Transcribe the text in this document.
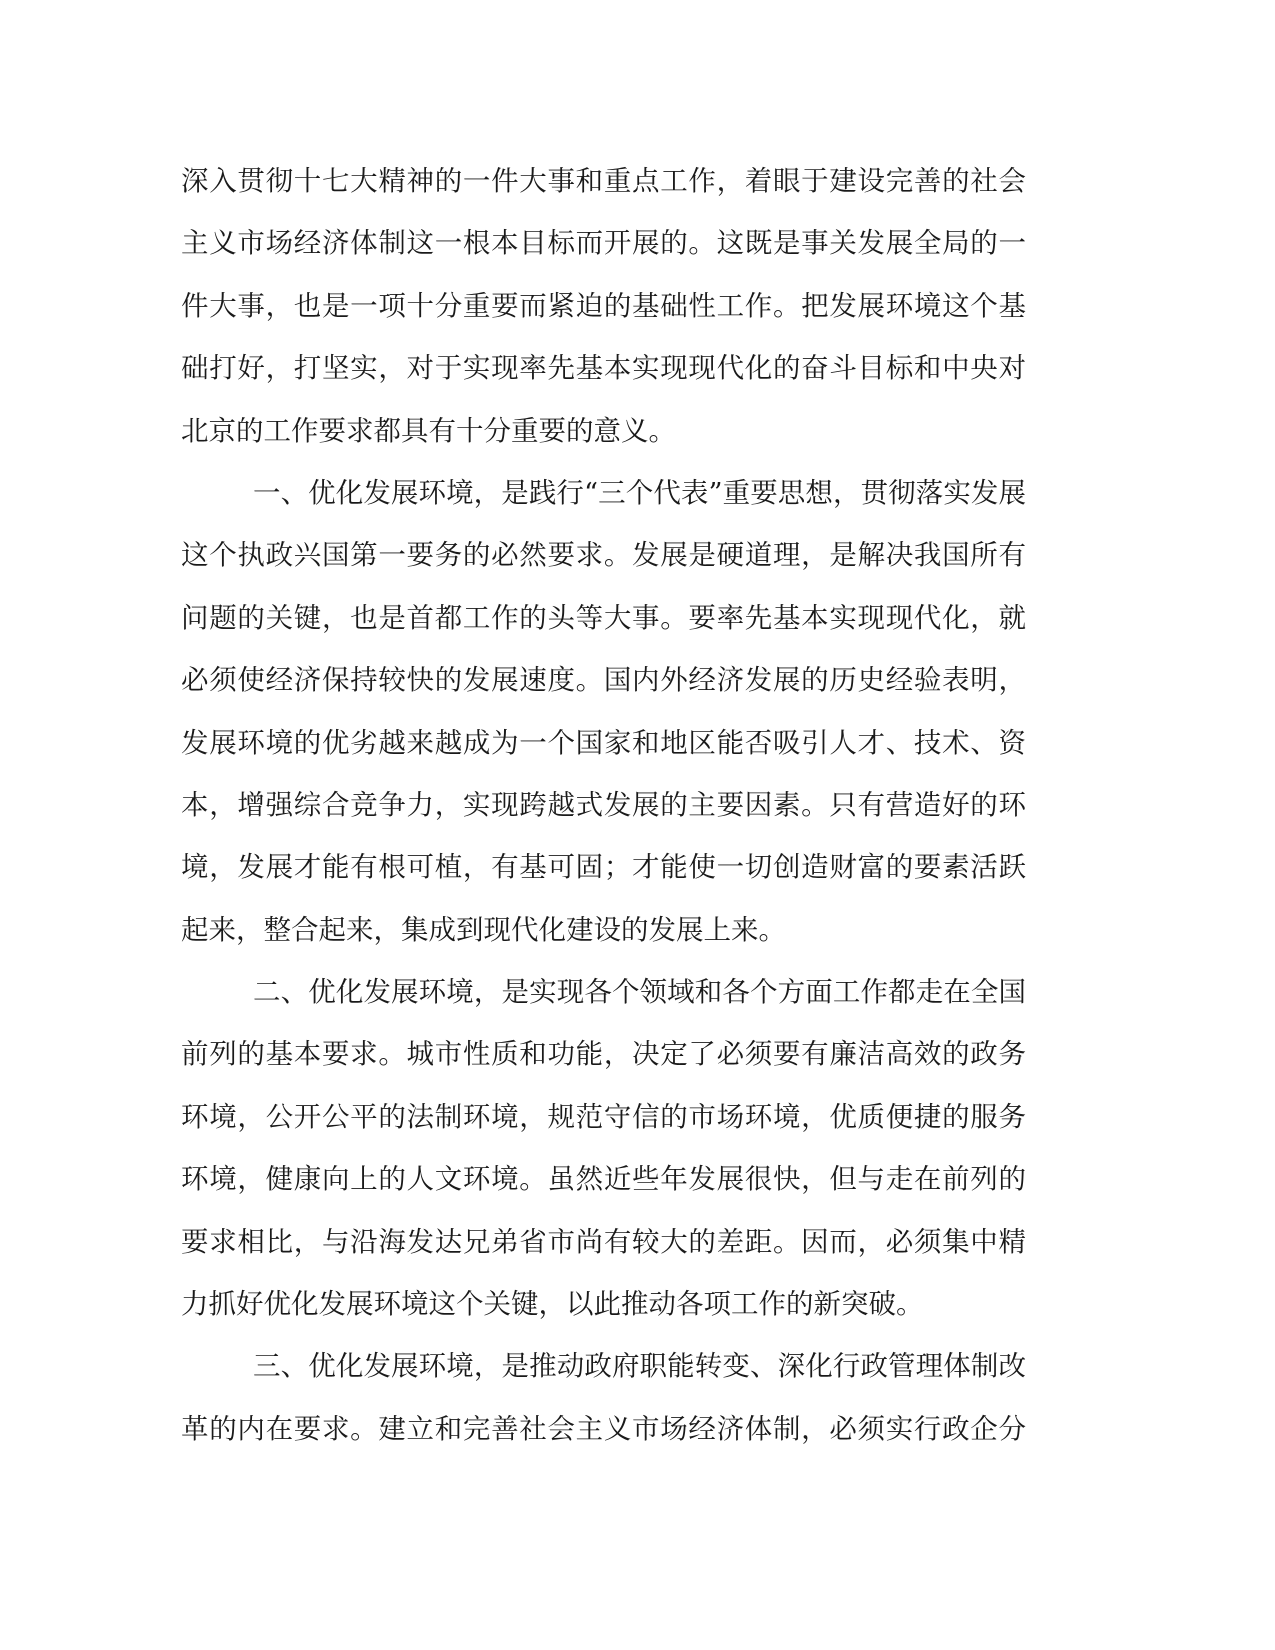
深入贯彻十七大精神的一件大事和重点工作，着眼于建设完善的社会
主义市场经济体制这一根本目标而开展的。这既是事关发展全局的一
件大事，也是一项十分重要而紧迫的基础性工作。把发展环境这个基
础打好，打坚实，对于实现率先基本实现现代化的奋斗目标和中央对
北京的工作要求都具有十分重要的意义。
一、优化发展环境，是践行“三个代表”重要思想，贯彻落实发展
这个执政兴国第一要务的必然要求。发展是硬道理，是解决我国所有
问题的关键，也是首都工作的头等大事。要率先基本实现现代化，就
必须使经济保持较快的发展速度。国内外经济发展的历史经验表明，
发展环境的优劣越来越成为一个国家和地区能否吸引人才、技术、资
本，增强综合竞争力，实现跨越式发展的主要因素。只有营造好的环
境，发展才能有根可植，有基可固；才能使一切创造财富的要素活跃
起来，整合起来，集成到现代化建设的发展上来。
二、优化发展环境，是实现各个领域和各个方面工作都走在全国
前列的基本要求。城市性质和功能，决定了必须要有廉洁高效的政务
环境，公开公平的法制环境，规范守信的市场环境，优质便捷的服务
环境，健康向上的人文环境。虽然近些年发展很快，但与走在前列的
要求相比，与沿海发达兄弟省市尚有较大的差距。因而，必须集中精
力抓好优化发展环境这个关键，以此推动各项工作的新突破。
三、优化发展环境，是推动政府职能转变、深化行政管理体制改
革的内在要求。建立和完善社会主义市场经济体制，必须实行政企分
